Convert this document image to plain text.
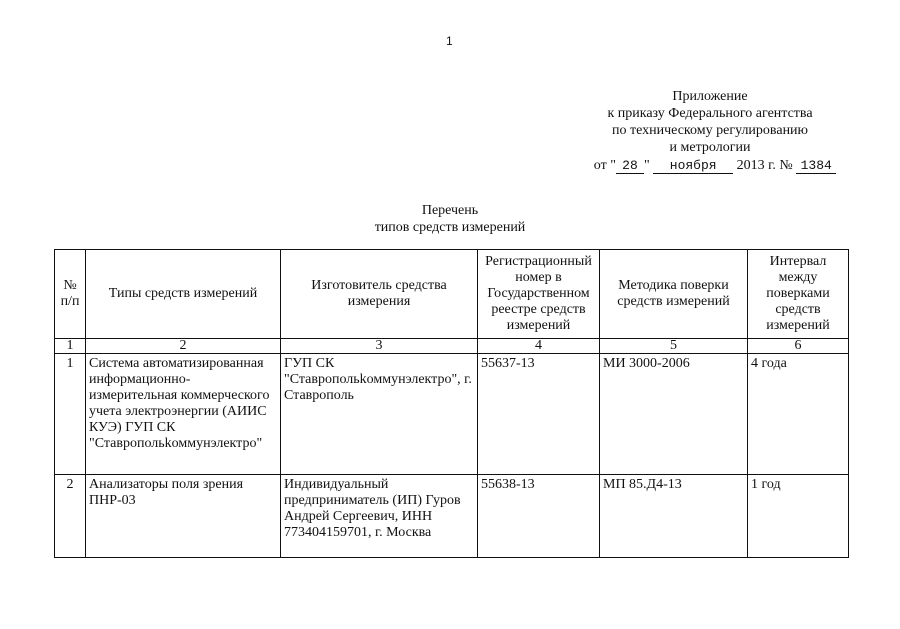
1
Приложение
к приказу Федерального агентства
по техническому регулированию
и метрологии
от " 28 " ноября 2013 г. № 1384
Перечень
типов средств измерений
№ п/п	Типы средств измерений	Изготовитель средства измерения	Регистрационный номер в Государственном реестре средств измерений	Методика поверки средств измерений	Интервал между поверками средств измерений
1	2	3	4	5	6
1	Система автоматизированная информационно-измерительная коммерческого учета электроэнергии (АИИС КУЭ) ГУП СК "Ставропольkоммунэлектро"	ГУП СК "Ставропольkоммунэлектро", г. Ставрополь	55637-13	МИ 3000-2006	4 года
2	Анализаторы поля зрения ПНР-03	Индивидуальный предприниматель (ИП) Гуров Андрей Сергеевич, ИНН 773404159701, г. Москва	55638-13	МП 85.Д4-13	1 год
